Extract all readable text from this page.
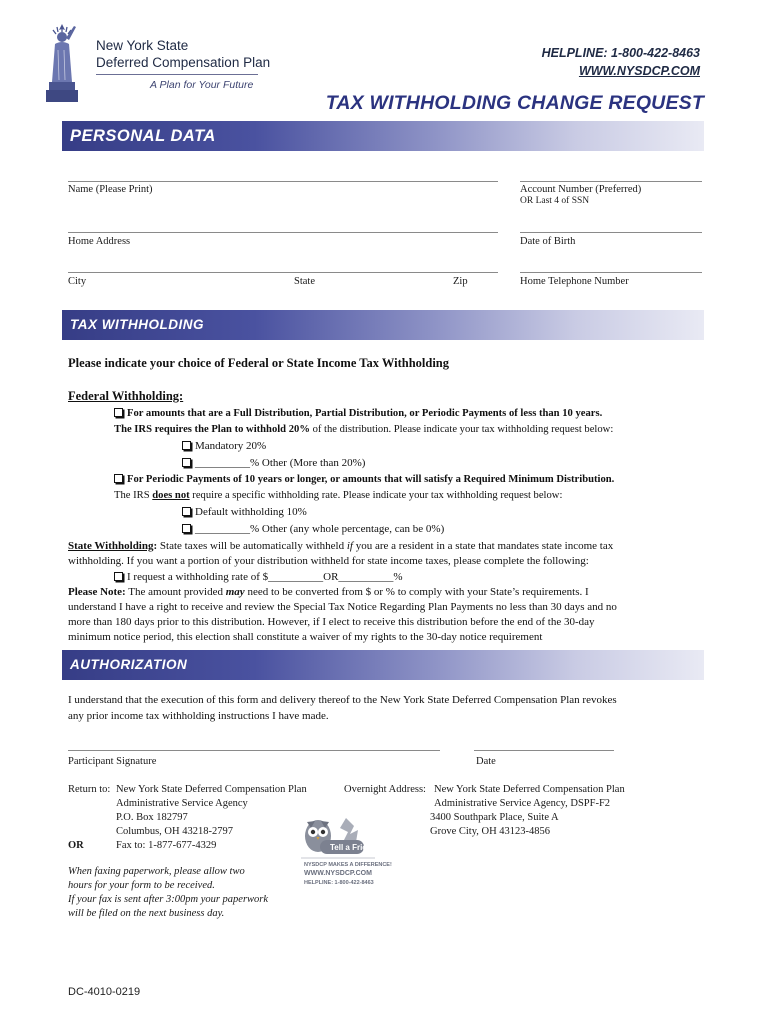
New York State
Deferred Compensation Plan
A Plan for Your Future
HELPLINE: 1-800-422-8463
WWW.NYSDCP.COM
TAX WITHHOLDING CHANGE REQUEST
PERSONAL DATA
Name (Please Print)	Account Number (Preferred)
OR Last 4 of SSN
Home Address	Date of Birth
City	State	Zip	Home Telephone Number
TAX WITHHOLDING
Please indicate your choice of Federal or State Income Tax Withholding
Federal Withholding:
For amounts that are a Full Distribution, Partial Distribution, or Periodic Payments of less than 10 years.
The IRS requires the Plan to withhold 20% of the distribution. Please indicate your tax withholding request below:
Mandatory 20%
__________% Other (More than 20%)
For Periodic Payments of 10 years or longer, or amounts that will satisfy a Required Minimum Distribution.
The IRS does not require a specific withholding rate. Please indicate your tax withholding request below:
Default withholding 10%
__________% Other (any whole percentage, can be 0%)
State Withholding: State taxes will be automatically withheld if you are a resident in a state that mandates state income tax
withholding. If you want a portion of your distribution withheld for state income taxes, please complete the following:
I request a withholding rate of $__________OR__________%
Please Note: The amount provided may need to be converted from $ or % to comply with your State’s requirements. I
understand I have a right to receive and review the Special Tax Notice Regarding Plan Payments no less than 30 days and no
more than 180 days prior to this distribution. However, if I elect to receive this distribution before the end of the 30-day
minimum notice period, this election shall constitute a waiver of my rights to the 30-day notice requirement
AUTHORIZATION
I understand that the execution of this form and delivery thereof to the New York State Deferred Compensation Plan revokes
any prior income tax withholding instructions I have made.
Participant Signature	Date
Return to: New York State Deferred Compensation Plan
Administrative Service Agency
P.O. Box 182797
Columbus, OH 43218-2797
OR	Fax to: 1-877-677-4329
Overnight Address: New York State Deferred Compensation Plan
Administrative Service Agency, DSPF-F2
3400 Southpark Place, Suite A
Grove City, OH 43123-4856
When faxing paperwork, please allow two
hours for your form to be received.
If your fax is sent after 3:00pm your paperwork
will be filed on the next business day.
Tell a Friend
NYSDCP MAKES A DIFFERENCE!
WWW.NYSDCP.COM
HELPLINE: 1-800-422-8463
DC-4010-0219
